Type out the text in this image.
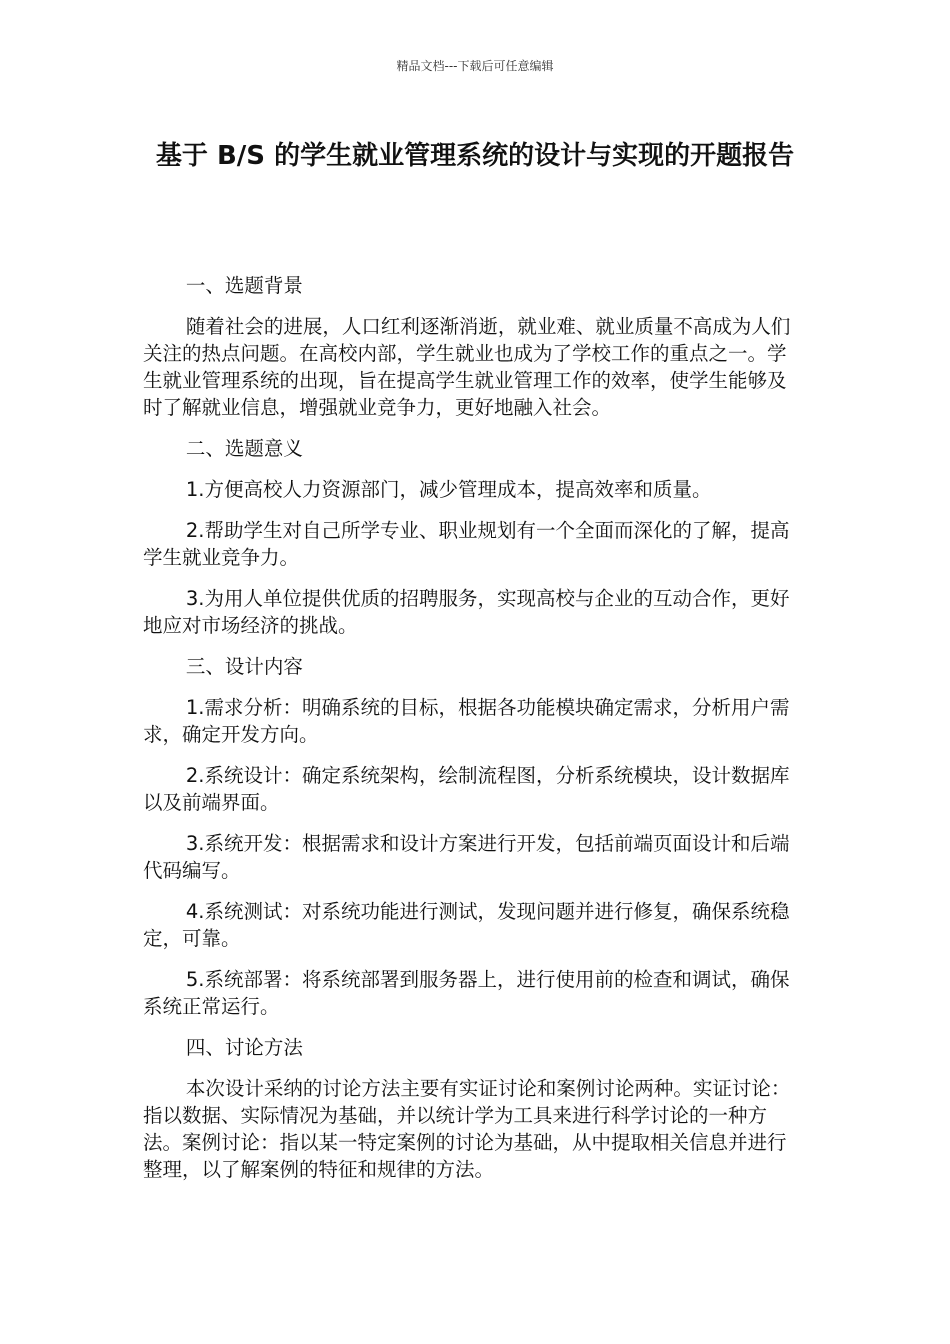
精品文档---下载后可任意编辑
基于 B/S 的学生就业管理系统的设计与实现的开题报告

一、选题背景

随着社会的进展，人口红利逐渐消逝，就业难、就业质量不高成为人们关注的热点问题。在高校内部，学生就业也成为了学校工作的重点之一。学生就业管理系统的出现，旨在提高学生就业管理工作的效率，使学生能够及时了解就业信息，增强就业竞争力，更好地融入社会。

二、选题意义

1.方便高校人力资源部门，减少管理成本，提高效率和质量。

2.帮助学生对自己所学专业、职业规划有一个全面而深化的了解，提高学生就业竞争力。

3.为用人单位提供优质的招聘服务，实现高校与企业的互动合作，更好地应对市场经济的挑战。

三、设计内容

1.需求分析：明确系统的目标，根据各功能模块确定需求，分析用户需求，确定开发方向。

2.系统设计：确定系统架构，绘制流程图，分析系统模块，设计数据库以及前端界面。

3.系统开发：根据需求和设计方案进行开发，包括前端页面设计和后端代码编写。

4.系统测试：对系统功能进行测试，发现问题并进行修复，确保系统稳定，可靠。

5.系统部署：将系统部署到服务器上，进行使用前的检查和调试，确保系统正常运行。

四、讨论方法

本次设计采纳的讨论方法主要有实证讨论和案例讨论两种。实证讨论：指以数据、实际情况为基础，并以统计学为工具来进行科学讨论的一种方法。案例讨论：指以某一特定案例的讨论为基础，从中提取相关信息并进行整理，以了解案例的特征和规律的方法。
